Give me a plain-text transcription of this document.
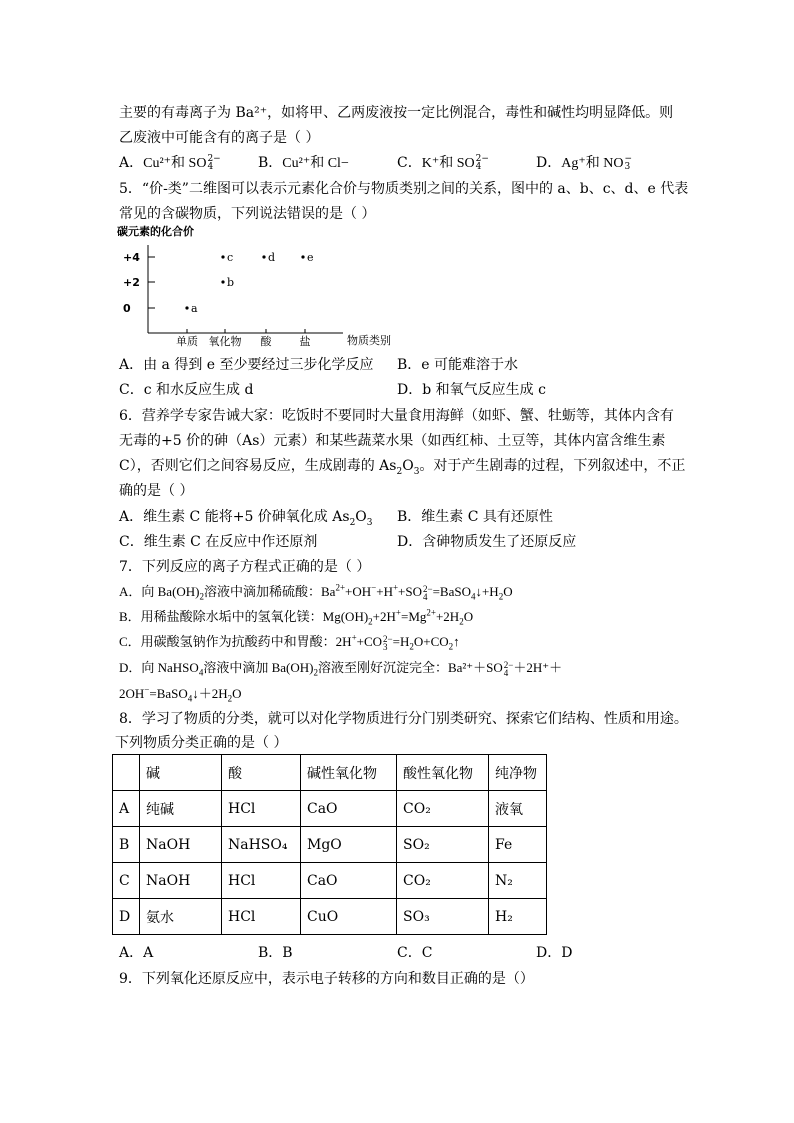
主要的有毒离子为 Ba²⁺，如将甲、乙两废液按一定比例混合，毒性和碱性均明显降低。则
乙废液中可能含有的离子是（ ）
A．Cu²⁺和 SO 2−
4	B．Cu²⁺和 Cl−	C．K⁺和 SO 2−
4	D．Ag⁺和 NO −
3
5．“价-类”二维图可以表示元素化合价与物质类别之间的关系，图中的 a、b、c、d、e 代表
常见的含碳物质，下列说法错误的是（ ）
碳元素的化合价
物质类别
+4
+2
0
单质 氧化物 酸	盐
a
b
c	d	e
A．由 a 得到 e 至少要经过三步化学反应 B．e 可能难溶于水
C．c 和水反应生成 d	D．b 和氧气反应生成 c
6．营养学专家告诫大家：吃饭时不要同时大量食用海鲜（如虾、蟹、牡蛎等，其体内含有
无毒的+5 价的砷（As）元素）和某些蔬菜水果（如西红柿、土豆等，其体内富含维生素
C），否则它们之间容易反应，生成剧毒的 $As_2O_3$。对于产生剧毒的过程，下列叙述中，不正
确的是（ ）
A．维生素 C 能将+5 价砷氧化成 $As_2O_3$ B．维生素 C 具有还原性
C．维生素 C 在反应中作还原剂	D．含砷物质发生了还原反应
7．下列反应的离子方程式正确的是（ ）
A．向 $Ba(OH)_2$溶液中滴加稀硫酸：$Ba^{2+}+OH^-+H^++SO$ 2−
$4 =BaSO_4↓+H_2O$
B．用稀盐酸除水垢中的氢氧化镁：$Mg(OH)_2+2H^+=Mg^{2+}+2H_2O$
C．用碳酸氢钠作为抗酸药中和胃酸：2H++CO 2−
$3 =H_2O+CO_2↑$
D．向 NaHSO$_4$溶液中滴加 $Ba(OH)_2$溶液至刚好沉淀完全：Ba²⁺＋SO 2−
4 ＋2H⁺＋
$2OH^-=BaSO_4↓+2H_2O$
8．学习了物质的分类，就可以对化学物质进行分门别类研究、探索它们结构、性质和用途。
下列物质分类正确的是（ ）
	碱	酸	碱性氧化物	酸性氧化物	纯净物
A	纯碱	HCl	CaO	CO₂	液氧
B	NaOH	NaHSO₄	MgO	SO₂	Fe
C	NaOH	HCl	CaO	CO₂	N₂
D	氨水	HCl	CuO	SO₃	H₂
A．A	B．B	C．C	D．D
9．下列氧化还原反应中，表示电子转移的方向和数目正确的是（）
